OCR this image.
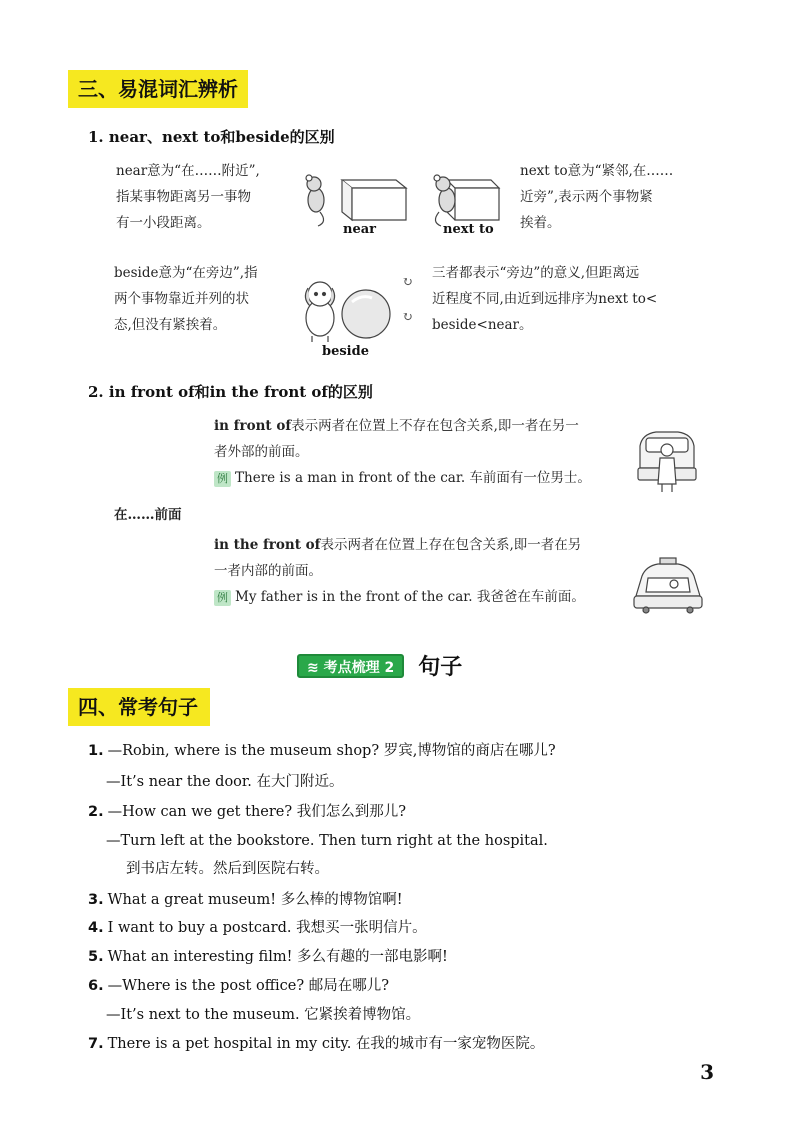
三、易混词汇辨析
1. near、next to和beside的区别
near意为“在……附近”,
指某事物距离另一事物
有一小段距离。	near	next to
next to意为“紧邻,在……
近旁”,表示两个事物紧
挨着。
beside意为“在旁边”,指
两个事物靠近并列的状
态,但没有紧挨着。
beside
↻
↻
三者都表示“旁边”的意义,但距离远
近程度不同,由近到远排序为next to<
beside<near。
2. in front of和in the front of的区别
in front of表示两者在位置上不存在包含关系,即一者在另一
者外部的前面。
例 There is a man in front of the car. 车前面有一位男士。
在……前面
in the front of表示两者在位置上存在包含关系,即一者在另
一者内部的前面。
例 My father is in the front of the car. 我爸爸在车前面。
≋ 考点梳理 2	句子
四、常考句子
1. —Robin, where is the museum shop? 罗宾,博物馆的商店在哪儿?
—It’s near the door. 在大门附近。
2. —How can we get there? 我们怎么到那儿?
—Turn left at the bookstore. Then turn right at the hospital.
到书店左转。然后到医院右转。
3. What a great museum! 多么棒的博物馆啊!
4. I want to buy a postcard. 我想买一张明信片。
5. What an interesting film! 多么有趣的一部电影啊!
6. —Where is the post office? 邮局在哪儿?
—It’s next to the museum. 它紧挨着博物馆。
7. There is a pet hospital in my city. 在我的城市有一家宠物医院。
3
